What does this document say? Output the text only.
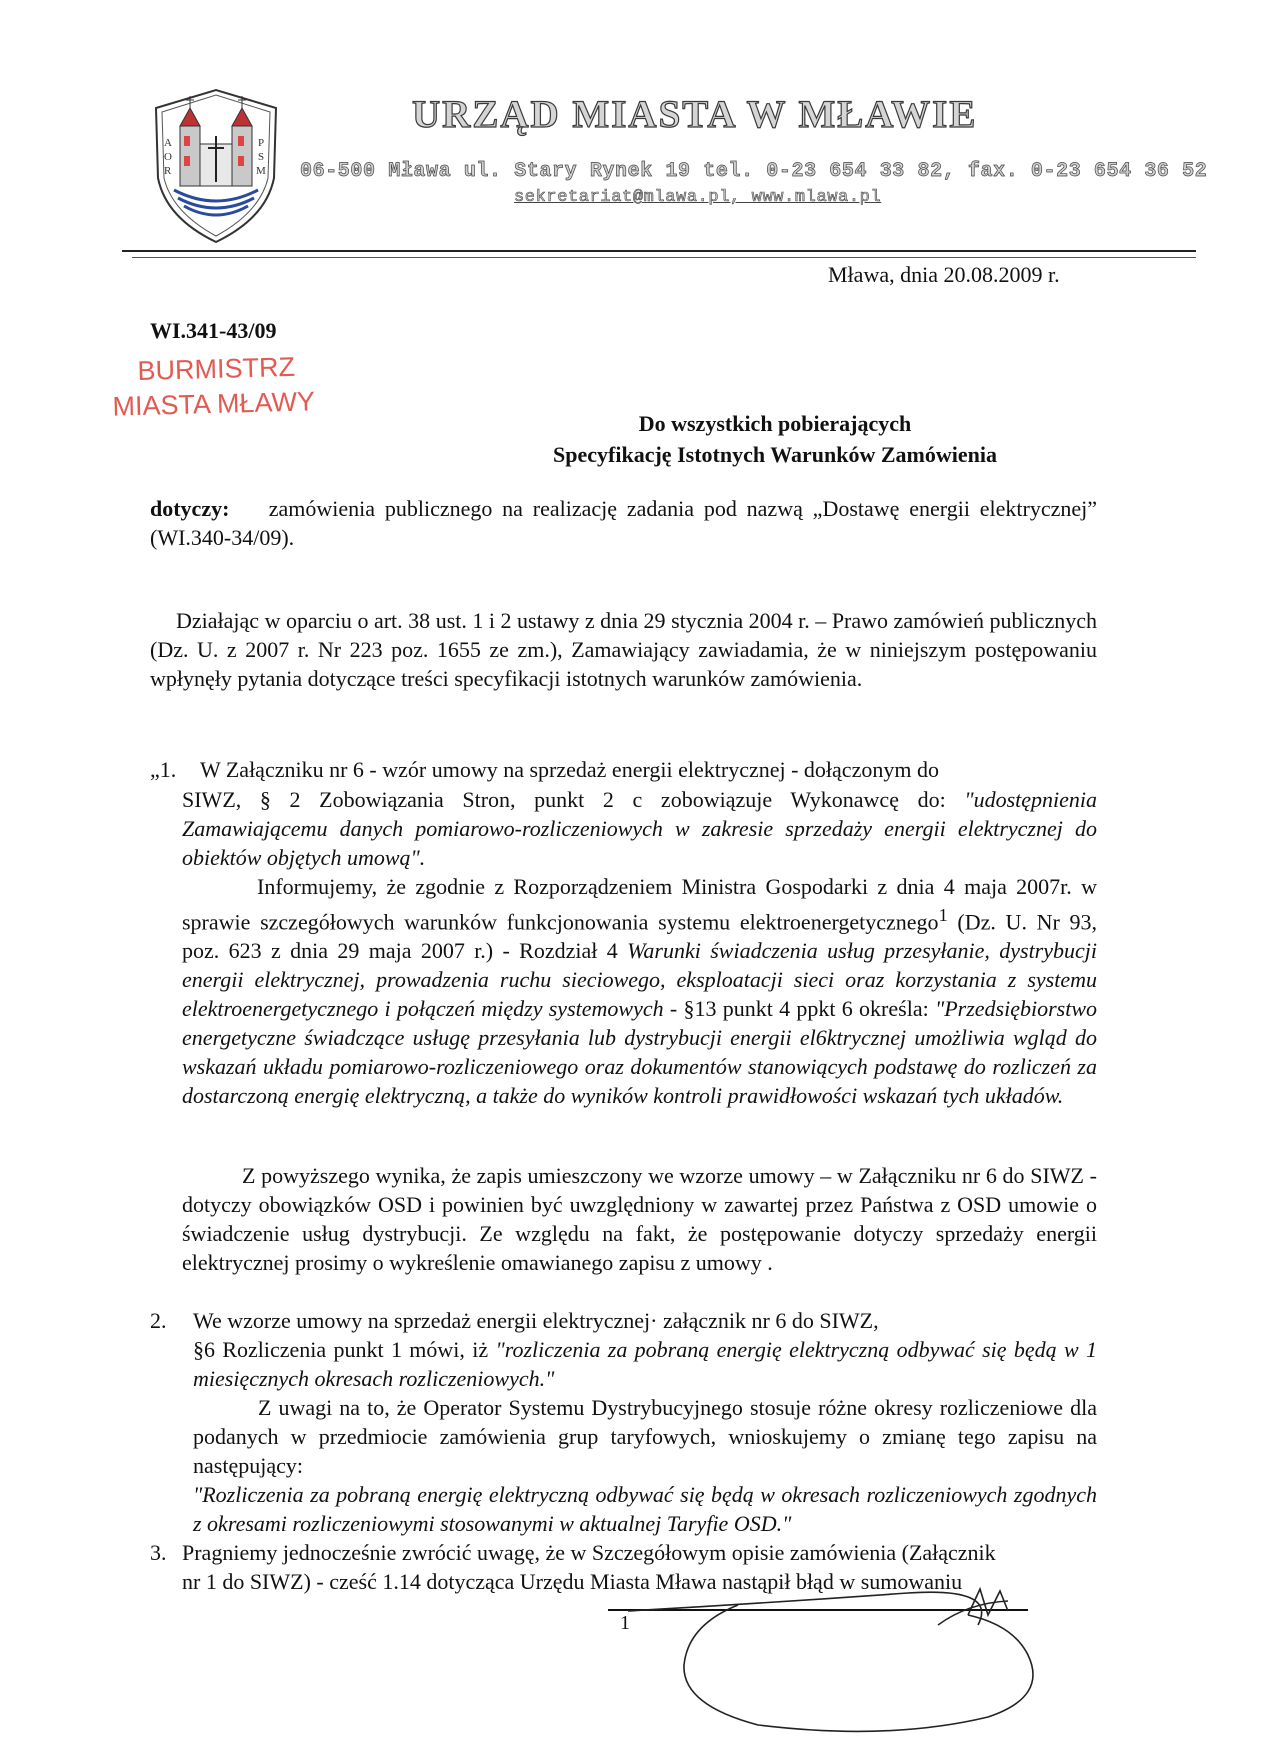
A
O
R
P
S
M
URZĄD MIASTA W MŁAWIE
06-500 Mława ul. Stary Rynek 19 tel. 0-23 654 33 82, fax. 0-23 654 36 52
sekretariat@mlawa.pl, www.mlawa.pl
Mława, dnia 20.08.2009 r.
WI.341-43/09
BURMISTRZ
MIASTA MŁAWY
Do wszystkich pobierających
Specyfikację Istotnych Warunków Zamówienia
dotyczy: zamówienia publicznego na realizację zadania pod nazwą „Dostawę energii elektrycznej” (WI.340-34/09).
Działając w oparciu o art. 38 ust. 1 i 2 ustawy z dnia 29 stycznia 2004 r. – Prawo zamówień publicznych (Dz. U. z 2007 r. Nr 223 poz. 1655 ze zm.), Zamawiający zawiadamia, że w niniejszym postępowaniu wpłynęły pytania dotyczące treści specyfikacji istotnych warunków zamówienia.
„1. W Załączniku nr 6 - wzór umowy na sprzedaż energii elektrycznej - dołączonym do
SIWZ, § 2 Zobowiązania Stron, punkt 2 c zobowiązuje Wykonawcę do: "udostępnienia Zamawiającemu danych pomiarowo-rozliczeniowych w zakresie sprzedaży energii elektrycznej do obiektów objętych umową".
Informujemy, że zgodnie z Rozporządzeniem Ministra Gospodarki z dnia 4 maja 2007r. w sprawie szczegółowych warunków funkcjonowania systemu elektroenergetycznego$^1$ (Dz. U. Nr 93, poz. 623 z dnia 29 maja 2007 r.) - Rozdział 4 Warunki świadczenia usług przesyłanie, dystrybucji energii elektrycznej, prowadzenia ruchu sieciowego, eksploatacji sieci oraz korzystania z systemu elektroenergetycznego i połączeń między systemowych - §13 punkt 4 ppkt 6 określa: "Przedsiębiorstwo energetyczne świadczące usługę przesyłania lub dystrybucji energii el6ktrycznej umożliwia wgląd do wskazań układu pomiarowo-rozliczeniowego oraz dokumentów stanowiących podstawę do rozliczeń za dostarczoną energię elektryczną, a także do wyników kontroli prawidłowości wskazań tych układów.
Z powyższego wynika, że zapis umieszczony we wzorze umowy – w Załączniku nr 6 do SIWZ - dotyczy obowiązków OSD i powinien być uwzględniony w zawartej przez Państwa z OSD umowie o świadczenie usług dystrybucji. Ze względu na fakt, że postępowanie dotyczy sprzedaży energii elektrycznej prosimy o wykreślenie omawianego zapisu z umowy .
2. We wzorze umowy na sprzedaż energii elektrycznej· załącznik nr 6 do SIWZ,
§6 Rozliczenia punkt 1 mówi, iż "rozliczenia za pobraną energię elektryczną odbywać się będą w 1 miesięcznych okresach rozliczeniowych."
Z uwagi na to, że Operator Systemu Dystrybucyjnego stosuje różne okresy rozliczeniowe dla podanych w przedmiocie zamówienia grup taryfowych, wnioskujemy o zmianę tego zapisu na następujący:
"Rozliczenia za pobraną energię elektryczną odbywać się będą w okresach rozliczeniowych zgodnych z okresami rozliczeniowymi stosowanymi w aktualnej Taryfie OSD."
3. Pragniemy jednocześnie zwrócić uwagę, że w Szczegółowym opisie zamówienia (Załącznik
nr 1 do SIWZ) - cześć 1.14 dotycząca Urzędu Miasta Mława nastąpił błąd w sumowaniu
1
